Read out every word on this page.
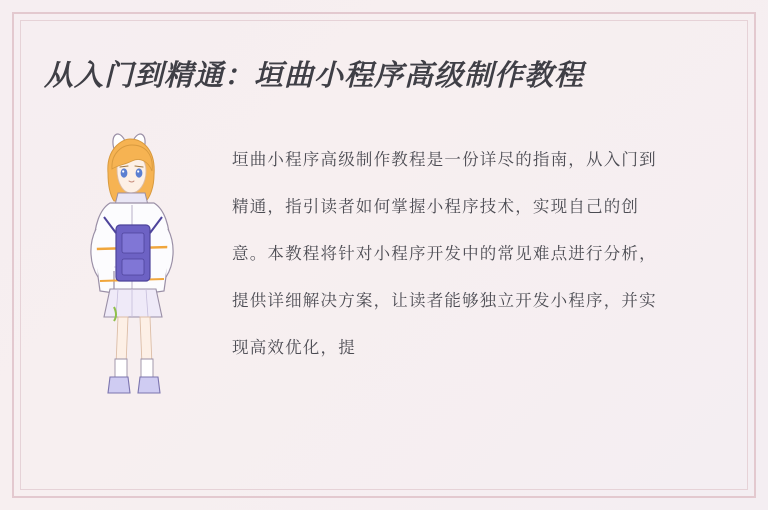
从入门到精通：垣曲小程序高级制作教程

垣曲小程序高级制作教程是一份详尽的指南，从入门到精通，指引读者如何掌握小程序技术，实现自己的创意。本教程将针对小程序开发中的常见难点进行分析，提供详细解决方案，让读者能够独立开发小程序，并实现高效优化，提
